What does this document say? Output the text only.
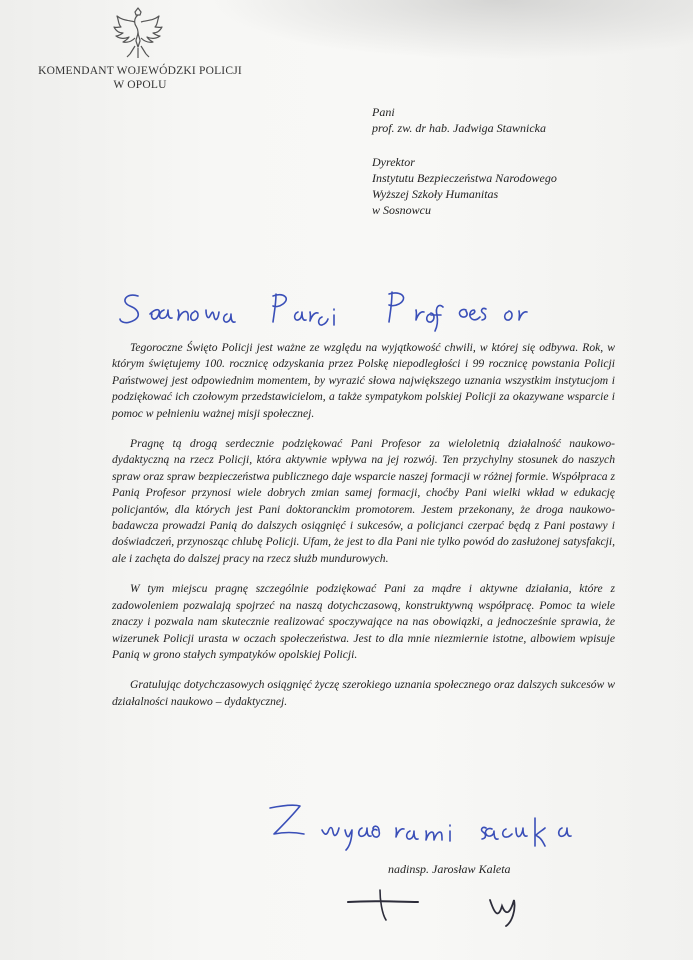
KOMENDANT WOJEWÓDZKI POLICJI
W OPOLU
Pani
prof. zw. dr hab. Jadwiga Stawnicka
Dyrektor
Instytutu Bezpieczeństwa Narodowego
Wyższej Szkoły Humanitas
w Sosnowcu

Tegoroczne Święto Policji jest ważne ze względu na wyjątkowość chwili, w której się odbywa. Rok, w którym świętujemy 100. rocznicę odzyskania przez Polskę niepodległości i 99 rocznicę powstania Policji Państwowej jest odpowiednim momentem, by wyrazić słowa największego uznania wszystkim instytucjom i podziękować ich czołowym przedstawicielom, a także sympatykom polskiej Policji za okazywane wsparcie i pomoc w pełnieniu ważnej misji społecznej.

Pragnę tą drogą serdecznie podziękować Pani Profesor za wieloletnią działalność naukowo-dydaktyczną na rzecz Policji, która aktywnie wpływa na jej rozwój. Ten przychylny stosunek do naszych spraw oraz spraw bezpieczeństwa publicznego daje wsparcie naszej formacji w różnej formie. Współpraca z Panią Profesor przynosi wiele dobrych zmian samej formacji, choćby Pani wielki wkład w edukację policjantów, dla których jest Pani doktoranckim promotorem. Jestem przekonany, że droga naukowo-badawcza prowadzi Panią do dalszych osiągnięć i sukcesów, a policjanci czerpać będą z Pani postawy i doświadczeń, przynosząc chlubę Policji. Ufam, że jest to dla Pani nie tylko powód do zasłużonej satysfakcji, ale i zachęta do dalszej pracy na rzecz służb mundurowych.

W tym miejscu pragnę szczególnie podziękować Pani za mądre i aktywne działania, które z zadowoleniem pozwalają spojrzeć na naszą dotychczasową, konstruktywną współpracę. Pomoc ta wiele znaczy i pozwala nam skutecznie realizować spoczywające na nas obowiązki, a jednocześnie sprawia, że wizerunek Policji urasta w oczach społeczeństwa. Jest to dla mnie niezmiernie istotne, albowiem wpisuje Panią w grono stałych sympatyków opolskiej Policji.

Gratulując dotychczasowych osiągnięć życzę szerokiego uznania społecznego oraz dalszych sukcesów w działalności naukowo – dydaktycznej.

nadinsp. Jarosław Kaleta
